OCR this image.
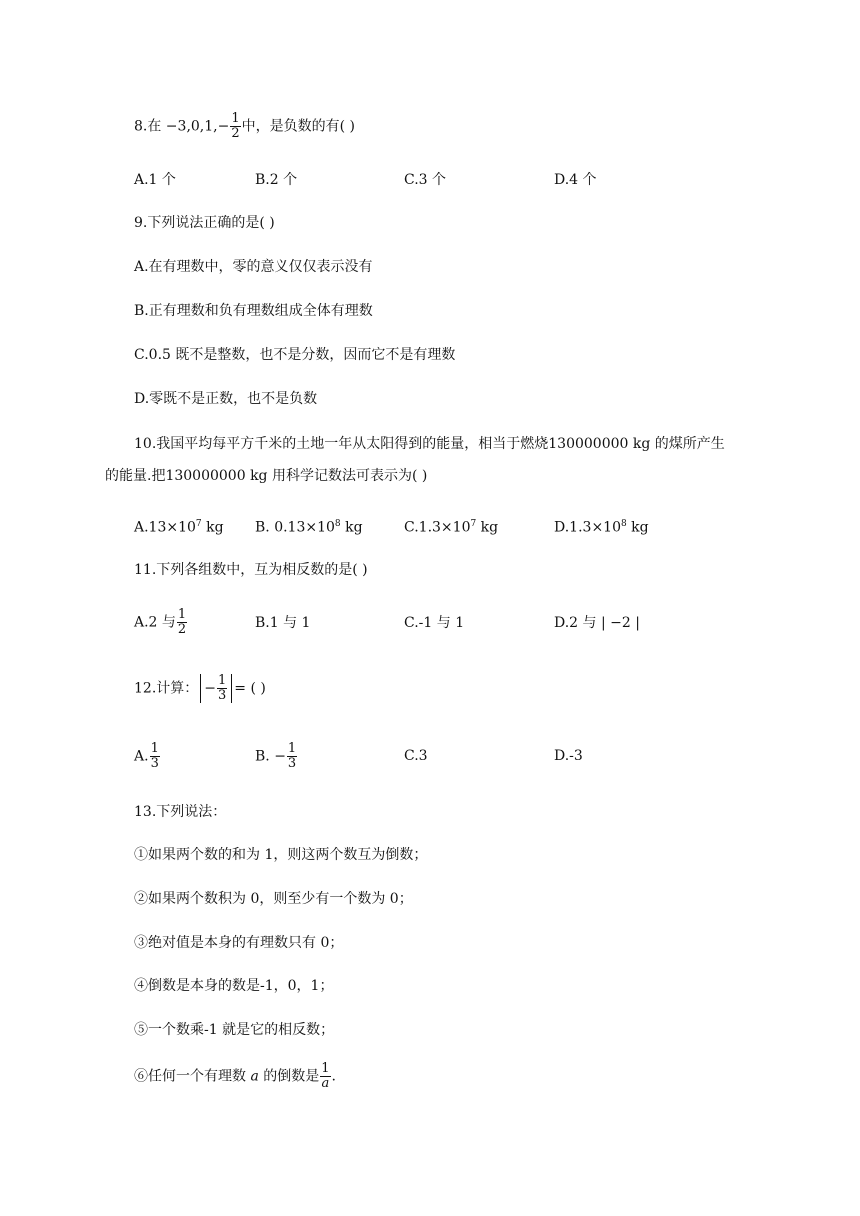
8.在 $-3,0,1,- \frac{1}{2}$ 中，是负数的有( )
A.1 个	B.2 个	C.3 个	D.4 个
9.下列说法正确的是( )
A.在有理数中，零的意义仅仅表示没有
B.正有理数和负有理数组成全体有理数
C.0.5 既不是整数，也不是分数，因而它不是有理数
D.零既不是正数，也不是负数
10.我国平均每平方千米的土地一年从太阳得到的能量，相当于燃烧130000000 kg 的煤所产生
的能量.把130000000 kg 用科学记数法可表示为( )
$A.13\times 10^7$ kg B. $0.13\times 10^8$ kg	$C.1.3\times 10^7$ kg	$D.1.3\times 10^8$ kg
11.下列各组数中，互为相反数的是( )
A.2 与 $\frac{1}{2}$	B.1 与 1	C.-1 与 1	D.2 与 | −2 |
12.计算： − $\frac{1}{3}$ = ( )
A. $\frac{1}{3}$	B. − $\frac{1}{3}$	C.3	D.-3
13.下列说法：
①如果两个数的和为 1，则这两个数互为倒数；
②如果两个数积为 0，则至少有一个数为 0；
③绝对值是本身的有理数只有 0；
④倒数是本身的数是-1，0，1；
⑤一个数乘-1 就是它的相反数；
⑥任何一个有理数 a 的倒数是 $\frac{1}{a}$ .
